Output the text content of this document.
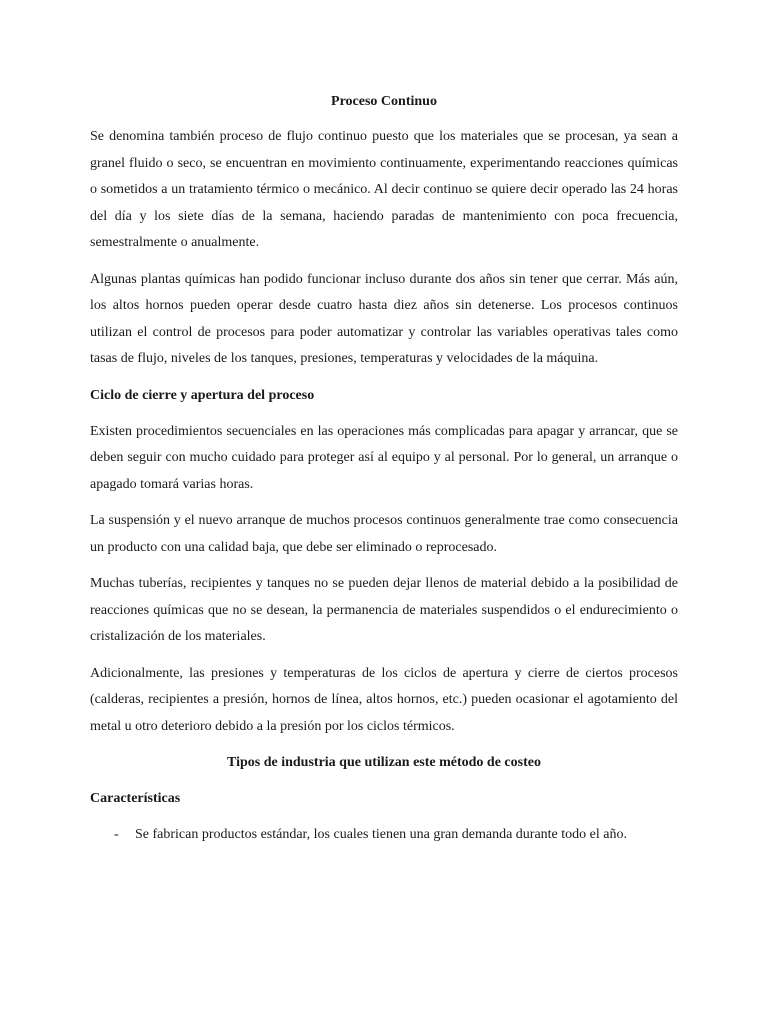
Proceso Continuo

Se denomina también proceso de flujo continuo puesto que los materiales que se procesan, ya sean a granel fluido o seco, se encuentran en movimiento continuamente, experimentando reacciones químicas o sometidos a un tratamiento térmico o mecánico. Al decir continuo se quiere decir operado las 24 horas del día y los siete días de la semana, haciendo paradas de mantenimiento con poca frecuencia, semestralmente o anualmente.

Algunas plantas químicas han podido funcionar incluso durante dos años sin tener que cerrar. Más aún, los altos hornos pueden operar desde cuatro hasta diez años sin detenerse. Los procesos continuos utilizan el control de procesos para poder automatizar y controlar las variables operativas tales como tasas de flujo, niveles de los tanques, presiones, temperaturas y velocidades de la máquina.

Ciclo de cierre y apertura del proceso

Existen procedimientos secuenciales en las operaciones más complicadas para apagar y arrancar, que se deben seguir con mucho cuidado para proteger así al equipo y al personal. Por lo general, un arranque o apagado tomará varias horas.

La suspensión y el nuevo arranque de muchos procesos continuos generalmente trae como consecuencia un producto con una calidad baja, que debe ser eliminado o reprocesado.

Muchas tuberías, recipientes y tanques no se pueden dejar llenos de material debido a la posibilidad de reacciones químicas que no se desean, la permanencia de materiales suspendidos o el endurecimiento o cristalización de los materiales.

Adicionalmente, las presiones y temperaturas de los ciclos de apertura y cierre de ciertos procesos (calderas, recipientes a presión, hornos de línea, altos hornos, etc.) pueden ocasionar el agotamiento del metal u otro deterioro debido a la presión por los ciclos térmicos.

Tipos de industria que utilizan este método de costeo
Características
-	Se fabrican productos estándar, los cuales tienen una gran demanda durante todo el año.
